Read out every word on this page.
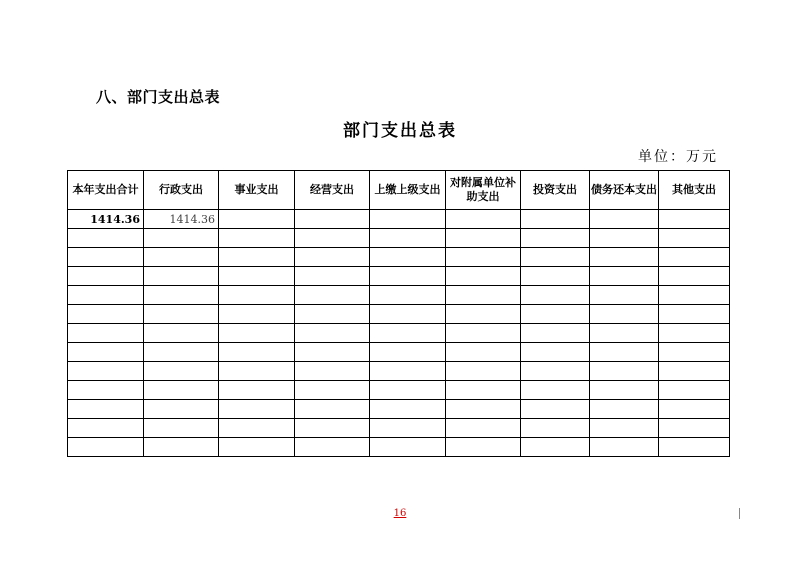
八、部门支出总表
部门支出总表
单位：万元
本年支出合计	行政支出	事业支出	经营支出	上缴上级支出	对附属单位补助支出	投资支出	债务还本支出	其他支出
1414.36	1414.36							

16
